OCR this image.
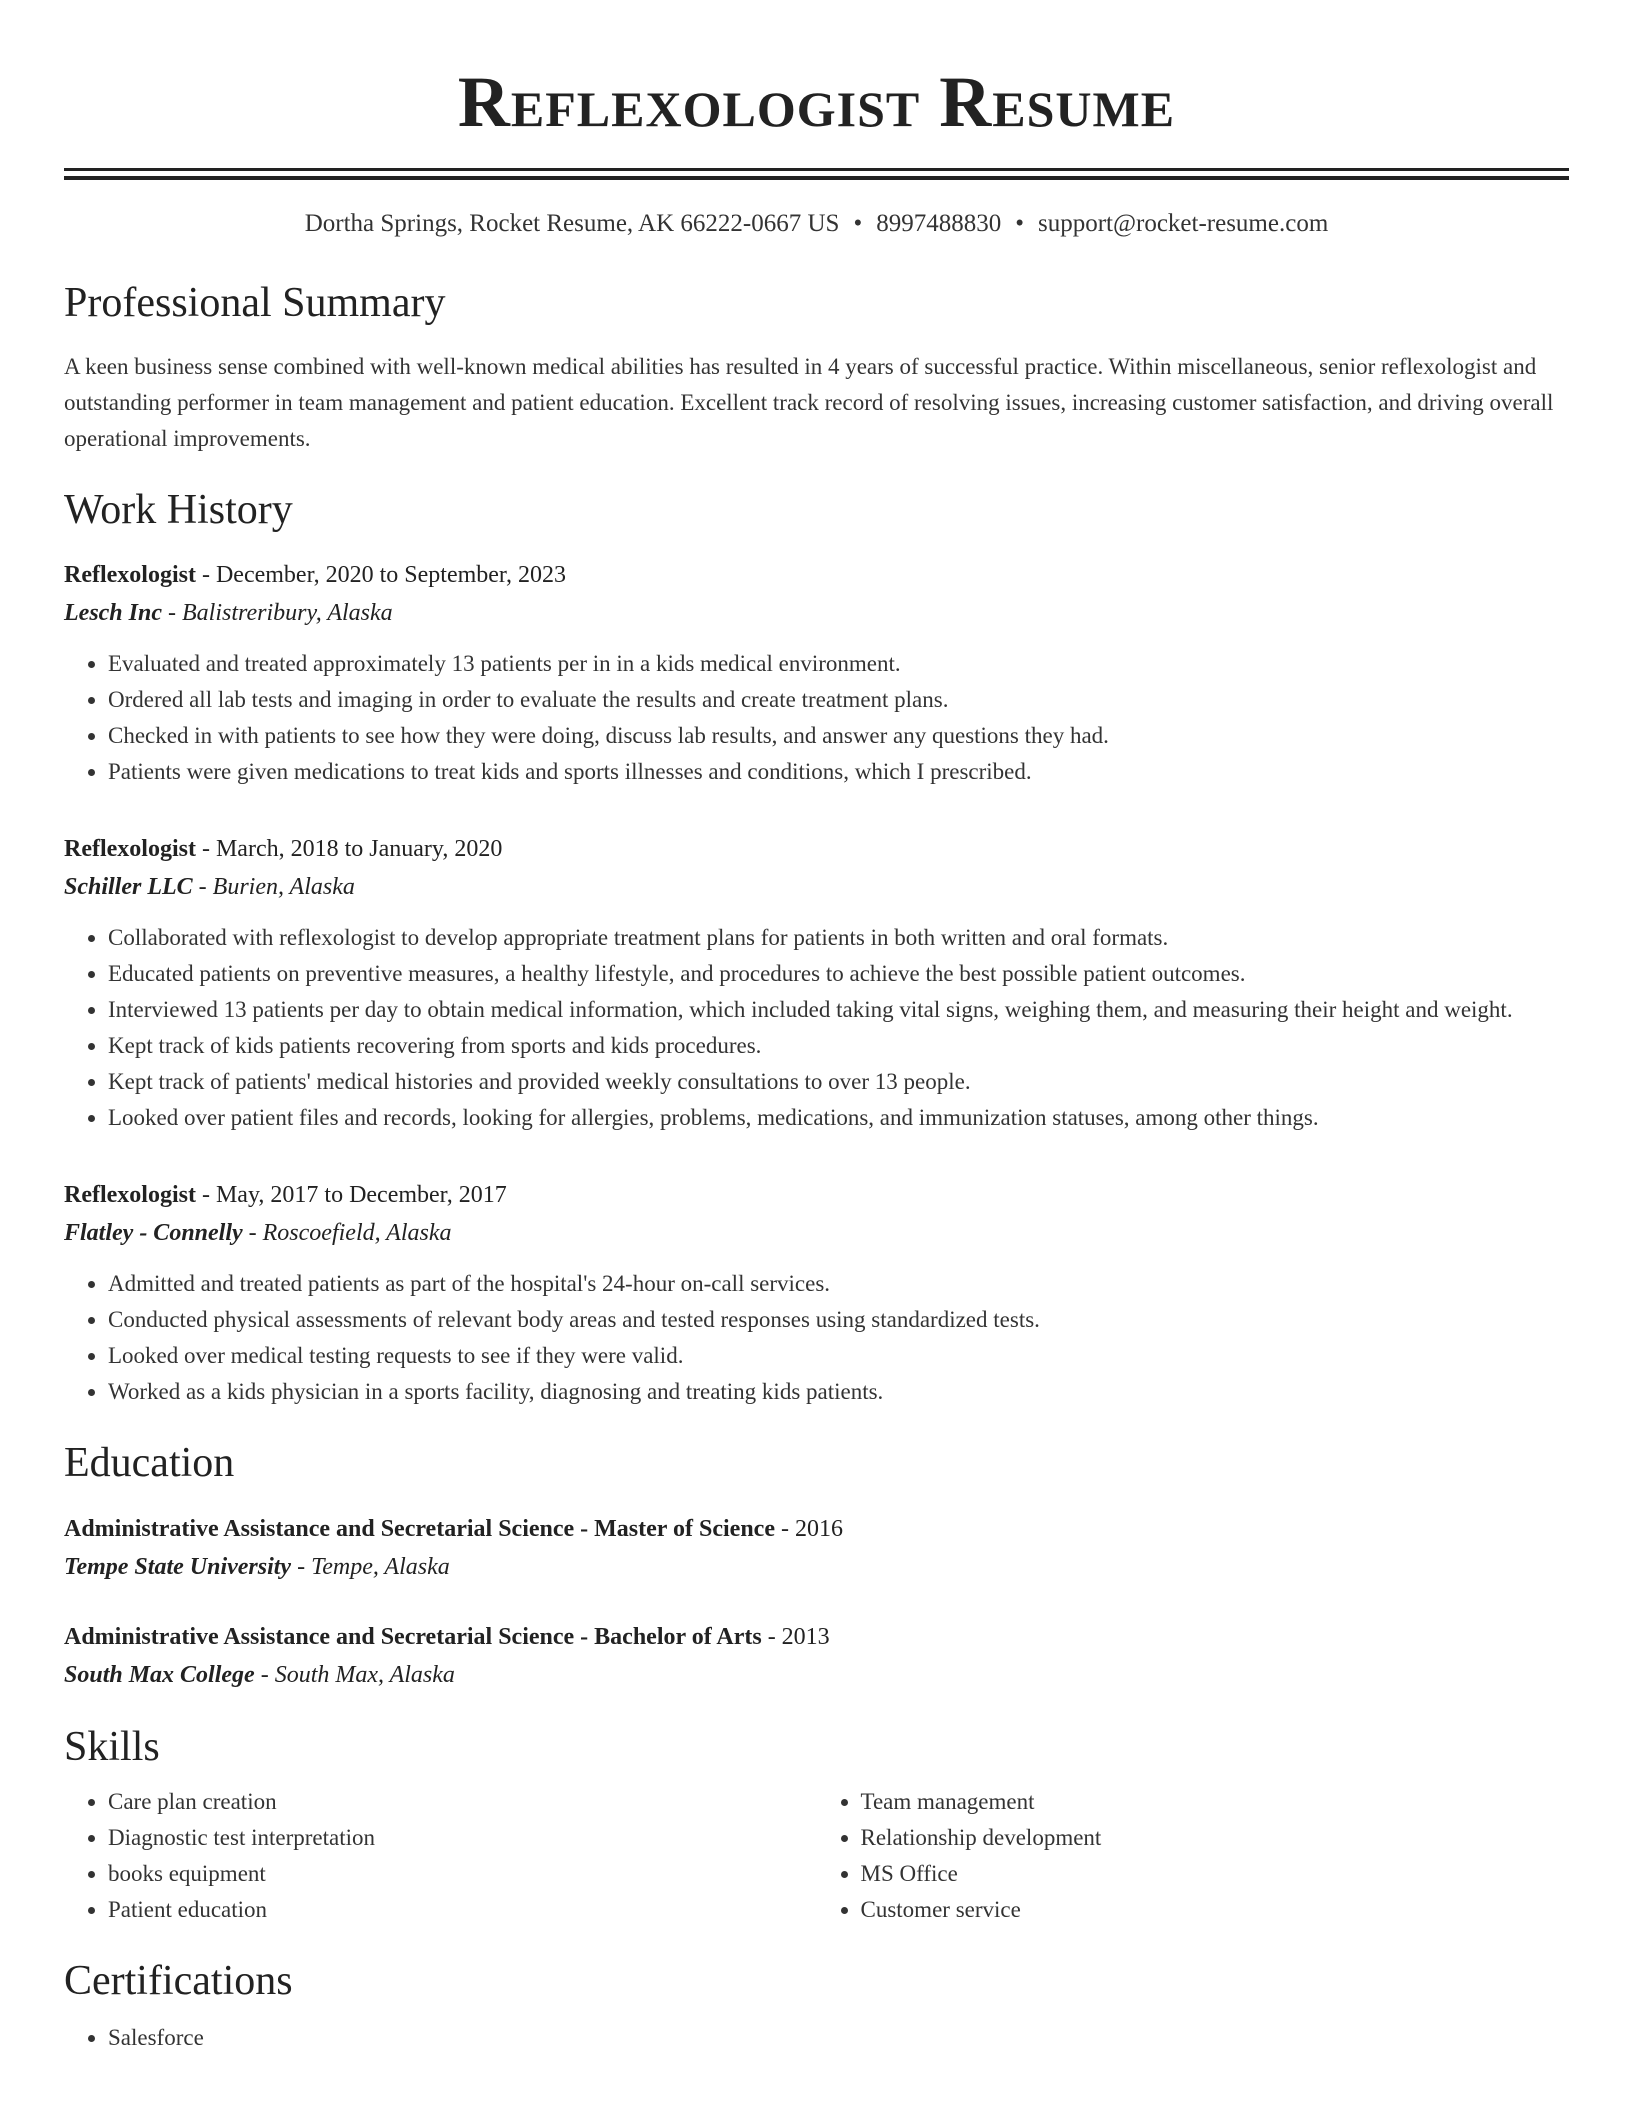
Reflexologist Resume
Dortha Springs, Rocket Resume, AK 66222-0667 US • 8997488830 • support@rocket-resume.com
Professional Summary
A keen business sense combined with well-known medical abilities has resulted in 4 years of successful practice. Within miscellaneous, senior reflexologist and outstanding performer in team management and patient education. Excellent track record of resolving issues, increasing customer satisfaction, and driving overall operational improvements.
Work History
Reflexologist - December, 2020 to September, 2023
Lesch Inc - Balistreribury, Alaska
• Evaluated and treated approximately 13 patients per in in a kids medical environment.
• Ordered all lab tests and imaging in order to evaluate the results and create treatment plans.
• Checked in with patients to see how they were doing, discuss lab results, and answer any questions they had.
• Patients were given medications to treat kids and sports illnesses and conditions, which I prescribed.
Reflexologist - March, 2018 to January, 2020
Schiller LLC - Burien, Alaska
• Collaborated with reflexologist to develop appropriate treatment plans for patients in both written and oral formats.
• Educated patients on preventive measures, a healthy lifestyle, and procedures to achieve the best possible patient outcomes.
• Interviewed 13 patients per day to obtain medical information, which included taking vital signs, weighing them, and measuring their height and weight.
• Kept track of kids patients recovering from sports and kids procedures.
• Kept track of patients' medical histories and provided weekly consultations to over 13 people.
• Looked over patient files and records, looking for allergies, problems, medications, and immunization statuses, among other things.
Reflexologist - May, 2017 to December, 2017
Flatley - Connelly - Roscoefield, Alaska
• Admitted and treated patients as part of the hospital's 24-hour on-call services.
• Conducted physical assessments of relevant body areas and tested responses using standardized tests.
• Looked over medical testing requests to see if they were valid.
• Worked as a kids physician in a sports facility, diagnosing and treating kids patients.
Education
Administrative Assistance and Secretarial Science - Master of Science - 2016
Tempe State University - Tempe, Alaska
Administrative Assistance and Secretarial Science - Bachelor of Arts - 2013
South Max College - South Max, Alaska
Skills
• Care plan creation
• Diagnostic test interpretation
• books equipment
• Patient education
• Team management
• Relationship development
• MS Office
• Customer service
Certifications
• Salesforce
